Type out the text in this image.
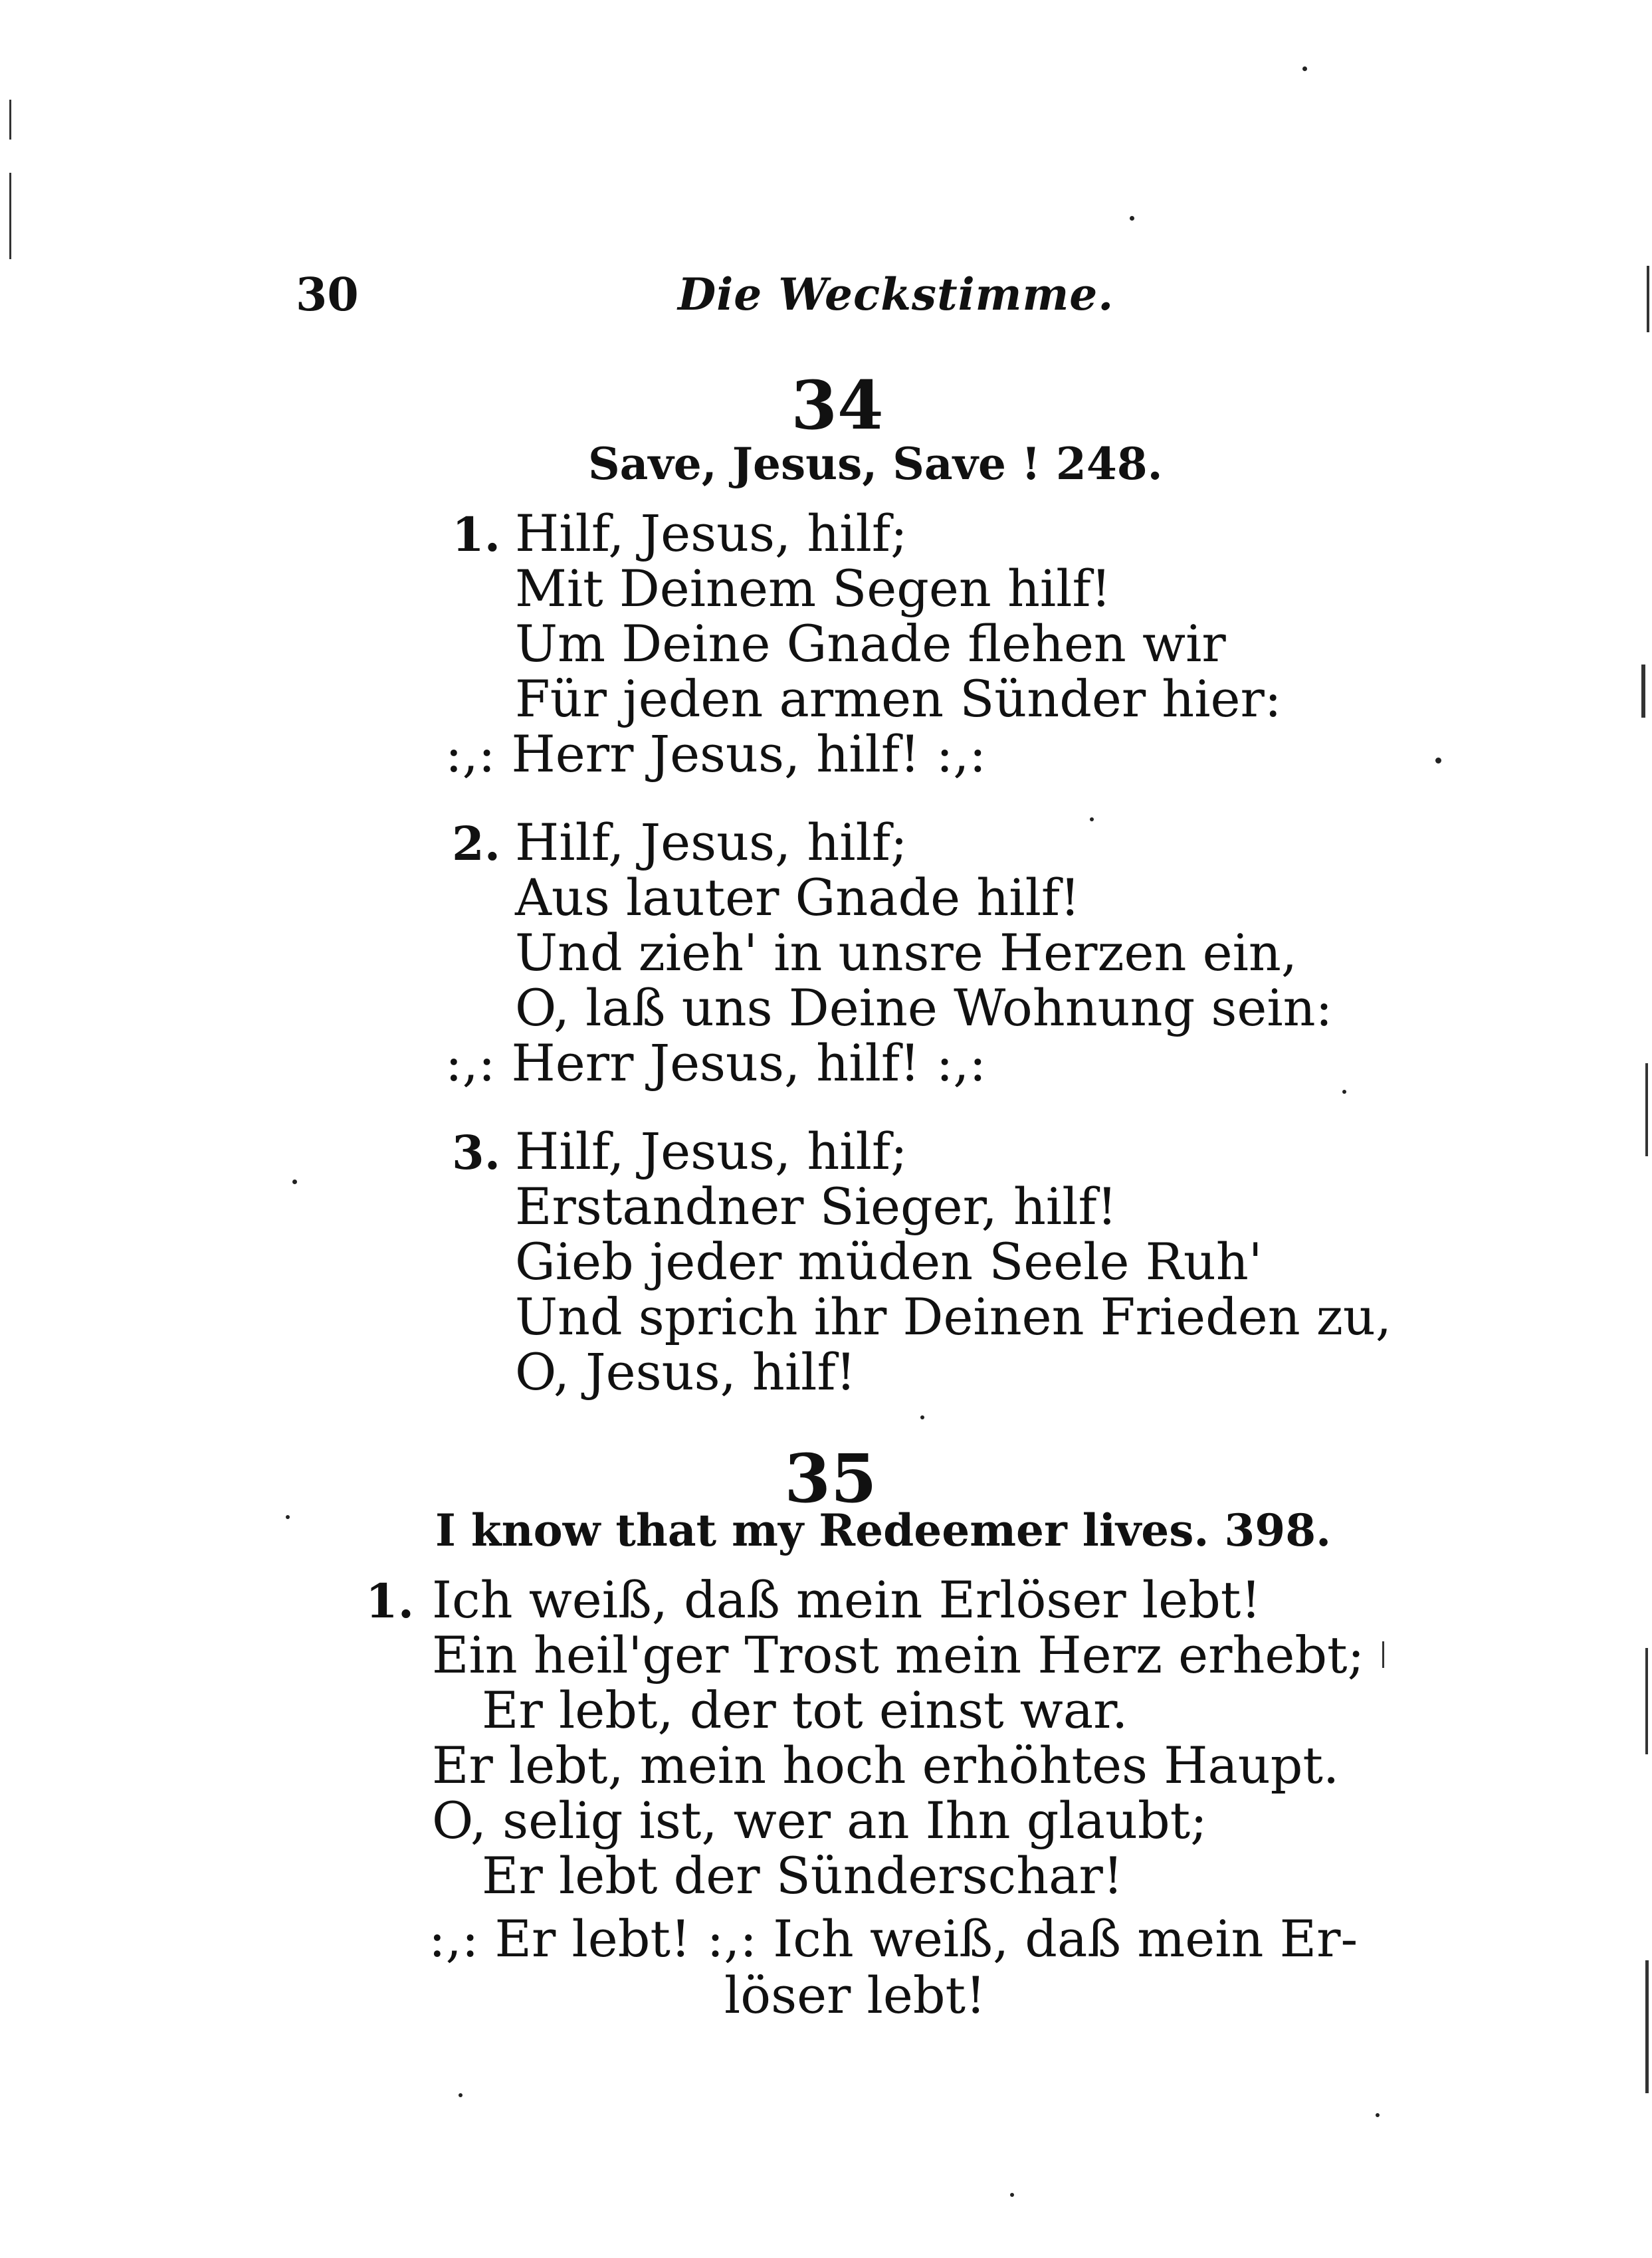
30	Die Weckstimme.
34
Save, Jesus, Save ! 248.
1. Hilf, Jesus, hilf;
Mit Deinem Segen hilf!
Um Deine Gnade flehen wir
Für jeden armen Sünder hier:
:,: Herr Jesus, hilf! :,:
2. Hilf, Jesus, hilf;
Aus lauter Gnade hilf!
Und zieh' in unsre Herzen ein,
O, laß uns Deine Wohnung sein:
:,: Herr Jesus, hilf! :,:
3. Hilf, Jesus, hilf;
Erstandner Sieger, hilf!
Gieb jeder müden Seele Ruh'
Und sprich ihr Deinen Frieden zu,
O, Jesus, hilf!
35
I know that my Redeemer lives. 398.
1. Ich weiß, daß mein Erlöser lebt!
Ein heil'ger Trost mein Herz erhebt;
Er lebt, der tot einst war.
Er lebt, mein hoch erhöhtes Haupt.
O, selig ist, wer an Ihn glaubt;
Er lebt der Sünderschar!
:,: Er lebt! :,: Ich weiß, daß mein Er-
löser lebt!
